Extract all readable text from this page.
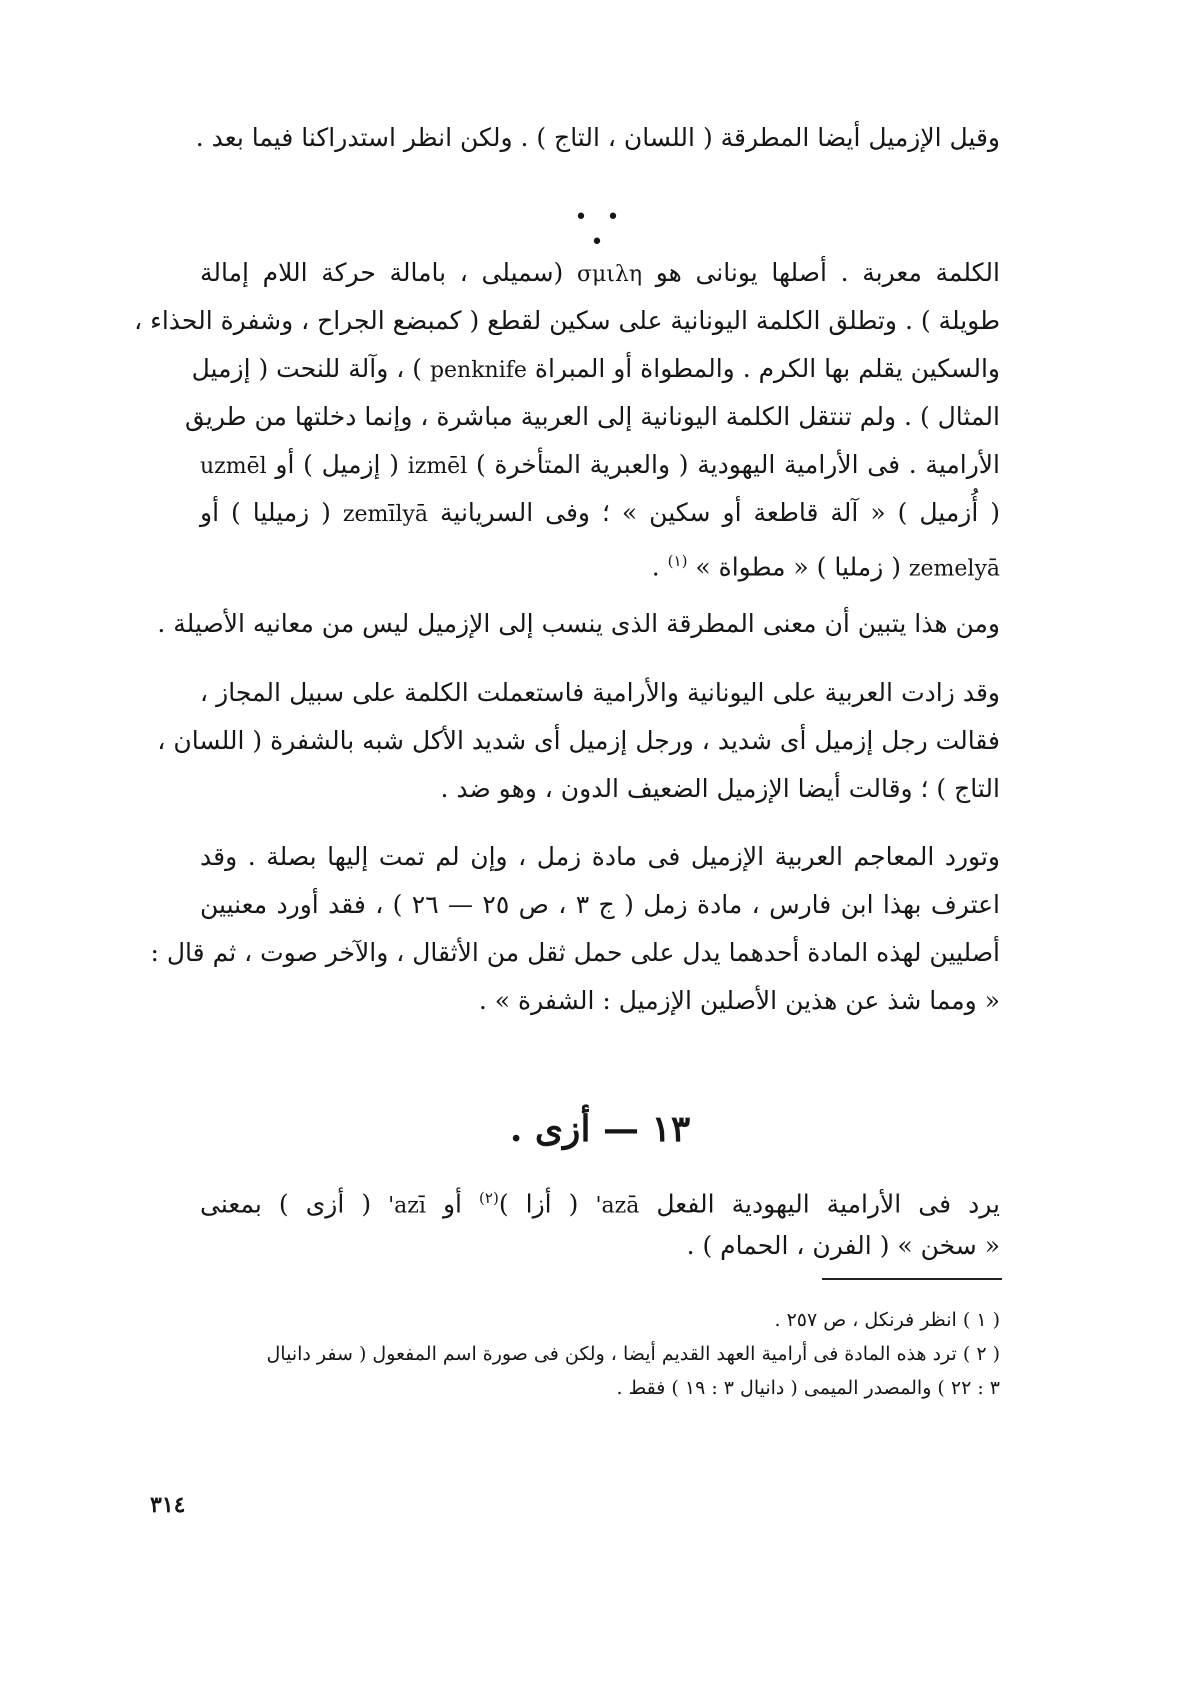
وقيل الإزميل أيضا المطرقة ( اللسان ، التاج ) . ولكن انظر استدراكنا فيما بعد .
• • •
الكلمة معربة . أصلها يونانى هو σμιλη (سميلى ، بامالة حركة اللام إمالة
طويلة ) . وتطلق الكلمة اليونانية على سكين لقطع ( كمبضع الجراح ، وشفرة الحذاء ،
والسكين يقلم بها الكرم . والمطواة أو المبراة penknife ) ، وآلة للنحت ( إزميل
المثال ) . ولم تنتقل الكلمة اليونانية إلى العربية مباشرة ، وإنما دخلتها من طريق
الأرامية . فى الأرامية اليهودية ( والعبرية المتأخرة ) izmēl ( إزميل ) أو uzmēl
( أُزميل ) « آلة قاطعة أو سكين » ؛ وفى السريانية zemīlyā ( زميليا ) أو
zemelyā ( زمليا ) « مطواة » $^{(١)}$ .
ومن هذا يتبين أن معنى المطرقة الذى ينسب إلى الإزميل ليس من معانيه الأصيلة .
وقد زادت العربية على اليونانية والأرامية فاستعملت الكلمة على سبيل المجاز ،
فقالت رجل إزميل أى شديد ، ورجل إزميل أى شديد الأكل شبه بالشفرة ( اللسان ،
التاج ) ؛ وقالت أيضا الإزميل الضعيف الدون ، وهو ضد .
وتورد المعاجم العربية الإزميل فى مادة زمل ، وإن لم تمت إليها بصلة . وقد
اعترف بهذا ابن فارس ، مادة زمل ( ج ٣ ، ص ٢٥ — ٢٦ ) ، فقد أورد معنيين
أصليين لهذه المادة أحدهما يدل على حمل ثقل من الأثقال ، والآخر صوت ، ثم قال :
« ومما شذ عن هذين الأصلين الإزميل : الشفرة » .
١٣ — أزى .
يرد فى الأرامية اليهودية الفعل 'azā ( أزا )$^{(٢)}$ أو 'azī ( أزى ) بمعنى
« سخن » ( الفرن ، الحمام ) .
( ١ ) انظر فرنكل ، ص ٢٥٧ .
( ٢ ) ترد هذه المادة فى أرامية العهد القديم أيضا ، ولكن فى صورة اسم المفعول ( سفر دانيال
٣ : ٢٢ ) والمصدر الميمى ( دانيال ٣ : ١٩ ) فقط .
٣١٤
